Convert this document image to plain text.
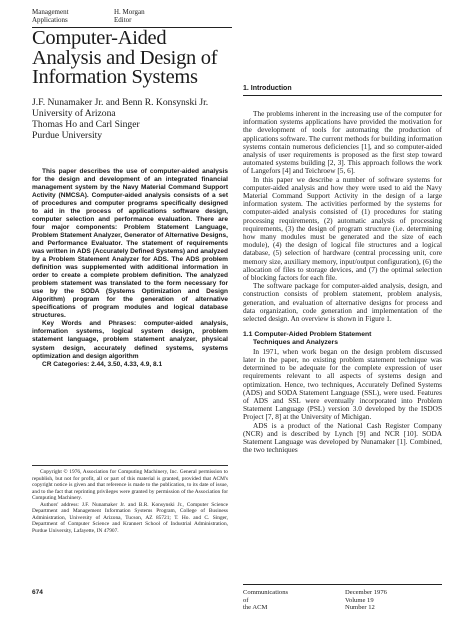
Management
Applications
H. Morgan
Editor
Computer-Aided
Analysis and Design of
Information Systems
J.F. Nunamaker Jr. and Benn R. Konsynski Jr.
University of Arizona
Thomas Ho and Carl Singer
Purdue University

This paper describes the use of computer-aided analysis for the design and development of an integrated financial management system by the Navy Material Command Support Activity (NMCSA). Computer-aided analysis consists of a set of procedures and computer programs specifically designed to aid in the process of applications software design, computer selection and performance evaluation. There are four major components: Problem Statement Language, Problem Statement Analyzer, Generator of Alternative Designs, and Performance Evaluator. The statement of requirements was written in ADS (Accurately Defined Systems) and analyzed by a Problem Statement Analyzer for ADS. The ADS problem definition was supplemented with additional information in order to create a complete problem definition. The analyzed problem statement was translated to the form necessary for use by the SODA (Systems Optimization and Design Algorithm) program for the generation of alternative specifications of program modules and logical database structures.

Key Words and Phrases: computer-aided analysis, information systems, logical system design, problem statement language, problem statement analyzer, physical system design, accurately defined systems, systems optimization and design algorithm

CR Categories: 2.44, 3.50, 4.33, 4.9, 8.1

Copyright © 1976, Association for Computing Machinery, Inc. General permission to republish, but not for profit, all or part of this material is granted, provided that ACM's copyright notice is given and that reference is made to the publication, to its date of issue, and to the fact that reprinting privileges were granted by permission of the Association for Computing Machinery.

Authors' address: J.F. Nunamaker Jr. and B.R. Konsynski Jr., Computer Science Department and Management Information Systems Program, College of Business Administration, University of Arizona, Tucson, AZ 85721; T. Ho. and C. Singer, Department of Computer Science and Krannert School of Industrial Administration, Purdue University, Lafayette, IN 47907.

1. Introduction

The problems inherent in the increasing use of the computer for information systems applications have provided the motivation for the development of tools for automating the production of applications software. The current methods for building information systems contain numerous deficiencies [1], and so computer-aided analysis of user requirements is proposed as the first step toward automated systems building [2, 3]. This approach follows the work of Langefors [4] and Teichroew [5, 6].

In this paper we describe a number of software systems for computer-aided analysis and how they were used to aid the Navy Material Command Support Activity in the design of a large information system. The activities performed by the systems for computer-aided analysis consisted of (1) procedures for stating processing requirements, (2) automatic analysis of processing requirements, (3) the design of program structure (i.e. determining how many modules must be generated and the size of each module), (4) the design of logical file structures and a logical database, (5) selection of hardware (central processing unit, core memory size, auxiliary memory, input/output configuration), (6) the allocation of files to storage devices, and (7) the optimal selection of blocking factors for each file.

The software package for computer-aided analysis, design, and construction consists of problem statement, problem analysis, generation, and evaluation of alternative designs for process and data organization, code generation and implementation of the selected design. An overview is shown in Figure 1.

1.1 Computer-Aided Problem Statement
Techniques and Analyzers

In 1971, when work began on the design problem discussed later in the paper, no existing problem statement technique was determined to be adequate for the complete expression of user requirements relevant to all aspects of systems design and optimization. Hence, two techniques, Accurately Defined Systems (ADS) and SODA Statement Language (SSL), were used. Features of ADS and SSL were eventually incorporated into Problem Statement Language (PSL) version 3.0 developed by the ISDOS Project [7, 8] at the University of Michigan.

ADS is a product of the National Cash Register Company (NCR) and is described by Lynch [9] and NCR [10]. SODA Statement Language was developed by Nunamaker [1]. Combined, the two techniques

674	Communications
of
the ACM
December 1976
Volume 19
Number 12
